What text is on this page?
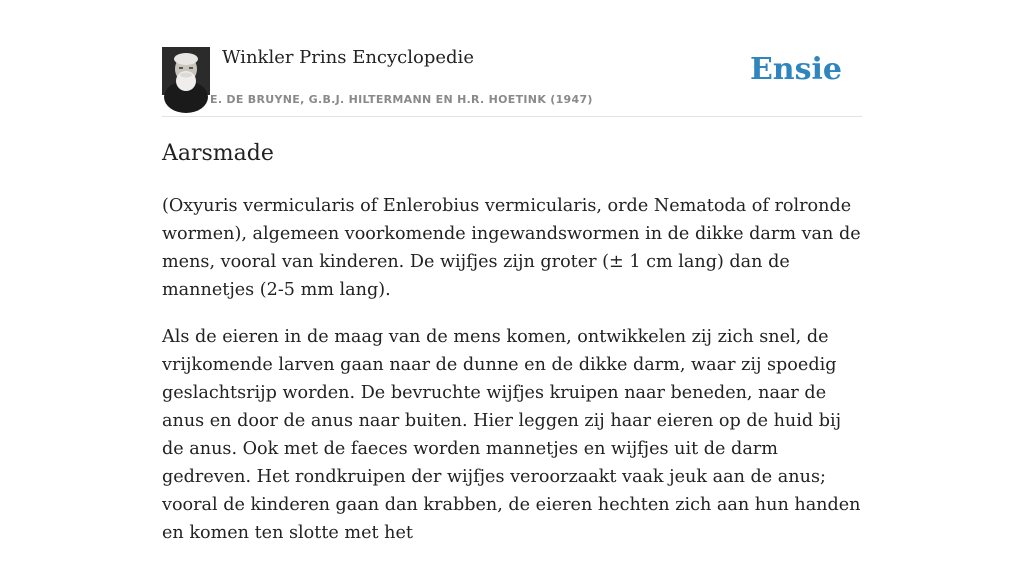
Winkler Prins Encyclopedie
E. DE BRUYNE, G.B.J. HILTERMANN EN H.R. HOETINK (1947)
Ensie
Aarsmade

(Oxyuris vermicularis of Enlerobius vermicularis, orde Nematoda of rolronde wormen), algemeen voorkomende ingewandswormen in de dikke darm van de mens, vooral van kinderen. De wijfjes zijn groter (± 1 cm lang) dan de mannetjes (2-5 mm lang).

Als de eieren in de maag van de mens komen, ontwikkelen zij zich snel, de vrijkomende larven gaan naar de dunne en de dikke darm, waar zij spoedig geslachtsrijp worden. De bevruchte wijfjes kruipen naar beneden, naar de anus en door de anus naar buiten. Hier leggen zij haar eieren op de huid bij de anus. Ook met de faeces worden mannetjes en wijfjes uit de darm gedreven. Het rondkruipen der wijfjes veroorzaakt vaak jeuk aan de anus; vooral de kinderen gaan dan krabben, de eieren hechten zich aan hun handen en komen ten slotte met het
